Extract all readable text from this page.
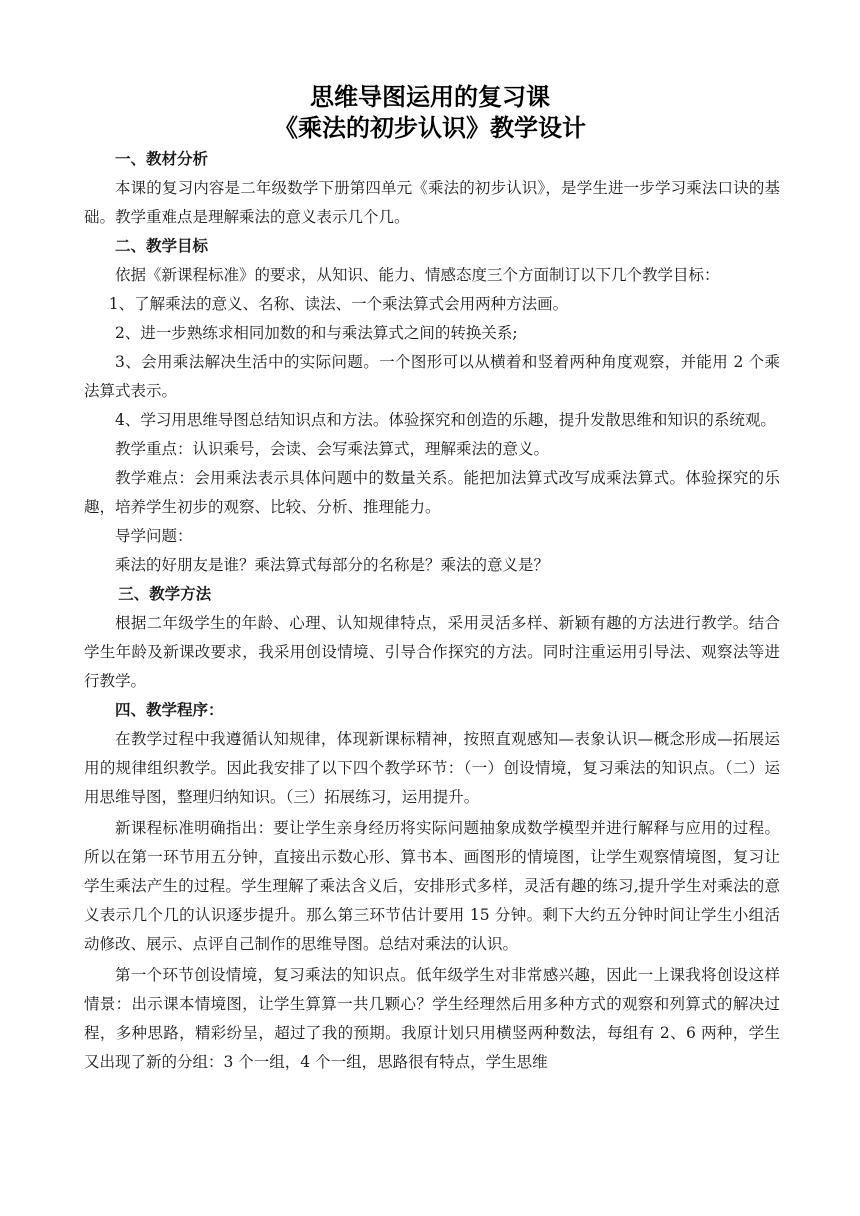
思维导图运用的复习课
《乘法的初步认识》教学设计

一、教材分析

本课的复习内容是二年级数学下册第四单元《乘法的初步认识》，是学生进一步学习乘法口诀的基础。教学重难点是理解乘法的意义表示几个几。

二、教学目标

依据《新课程标准》的要求，从知识、能力、情感态度三个方面制订以下几个教学目标：

1、了解乘法的意义、名称、读法、一个乘法算式会用两种方法画。

2、进一步熟练求相同加数的和与乘法算式之间的转换关系;

3、会用乘法解决生活中的实际问题。一个图形可以从横着和竖着两种角度观察，并能用 2 个乘法算式表示。

4、学习用思维导图总结知识点和方法。体验探究和创造的乐趣，提升发散思维和知识的系统观。

教学重点：认识乘号，会读、会写乘法算式，理解乘法的意义。

教学难点：会用乘法表示具体问题中的数量关系。能把加法算式改写成乘法算式。体验探究的乐趣，培养学生初步的观察、比较、分析、推理能力。

导学问题：

乘法的好朋友是谁？乘法算式每部分的名称是？乘法的意义是？

三、教学方法

根据二年级学生的年龄、心理、认知规律特点，采用灵活多样、新颖有趣的方法进行教学。结合学生年龄及新课改要求，我采用创设情境、引导合作探究的方法。同时注重运用引导法、观察法等进行教学。

四、教学程序：

在教学过程中我遵循认知规律，体现新课标精神，按照直观感知—表象认识—概念形成—拓展运用的规律组织教学。因此我安排了以下四个教学环节：（一）创设情境，复习乘法的知识点。（二）运用思维导图，整理归纳知识。（三）拓展练习，运用提升。

新课程标准明确指出：要让学生亲身经历将实际问题抽象成数学模型并进行解释与应用的过程。所以在第一环节用五分钟，直接出示数心形、算书本、画图形的情境图，让学生观察情境图，复习让学生乘法产生的过程。学生理解了乘法含义后，安排形式多样，灵活有趣的练习,提升学生对乘法的意义表示几个几的认识逐步提升。那么第三环节估计要用 15 分钟。剩下大约五分钟时间让学生小组活动修改、展示、点评自己制作的思维导图。总结对乘法的认识。

第一个环节创设情境，复习乘法的知识点。低年级学生对非常感兴趣，因此一上课我将创设这样情景：出示课本情境图，让学生算算一共几颗心？学生经理然后用多种方式的观察和列算式的解决过程，多种思路，精彩纷呈，超过了我的预期。我原计划只用横竖两种数法，每组有 2、6 两种，学生又出现了新的分组：3 个一组，4 个一组，思路很有特点，学生思维
